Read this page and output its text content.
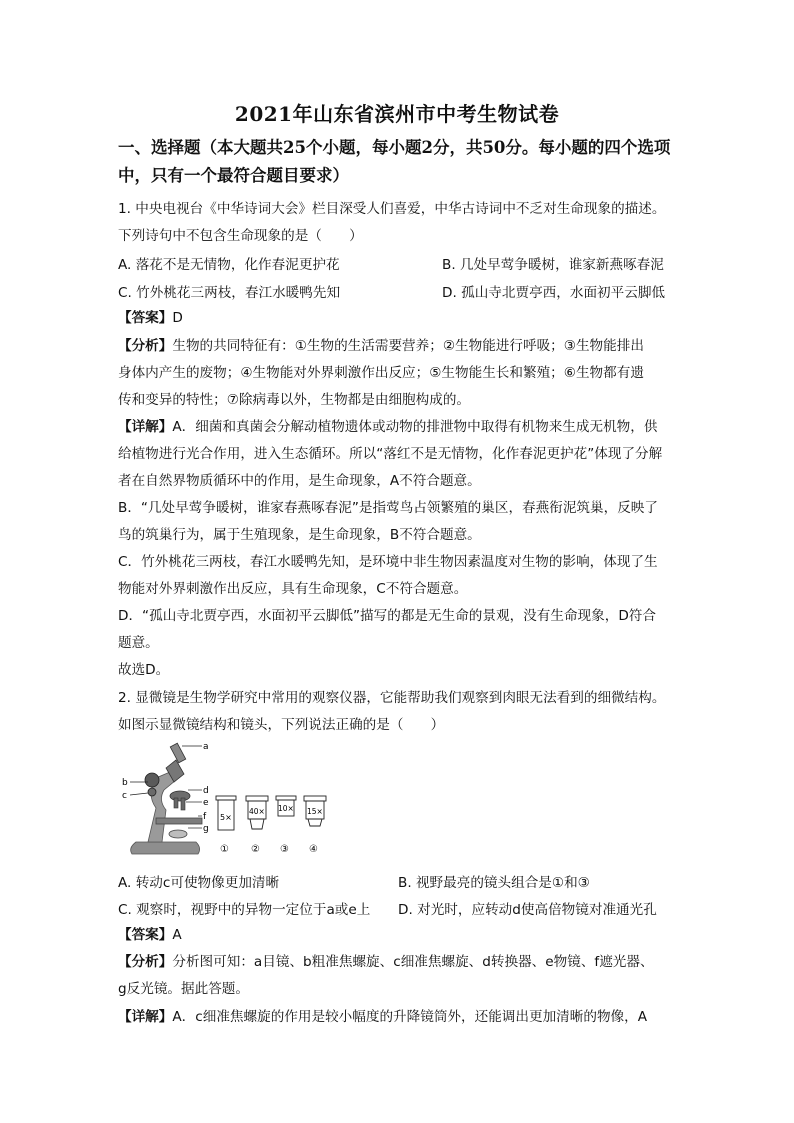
2021年山东省滨州市中考生物试卷
一、选择题（本大题共25个小题，每小题2分，共50分。每小题的四个选项
中，只有一个最符合题目要求）
1. 中央电视台《中华诗词大会》栏目深受人们喜爱，中华古诗词中不乏对生命现象的描述。
下列诗句中不包含生命现象的是（　　）
A. 落花不是无情物，化作春泥更护花	B. 几处早莺争暖树，谁家新燕啄春泥
C. 竹外桃花三两枝，春江水暖鸭先知	D. 孤山寺北贾亭西，水面初平云脚低
【答案】D
【分析】生物的共同特征有：①生物的生活需要营养；②生物能进行呼吸；③生物能排出
身体内产生的废物；④生物能对外界刺激作出反应；⑤生物能生长和繁殖；⑥生物都有遗
传和变异的特性；⑦除病毒以外，生物都是由细胞构成的。
【详解】A．细菌和真菌会分解动植物遗体或动物的排泄物中取得有机物来生成无机物，供
给植物进行光合作用，进入生态循环。所以“落红不是无情物，化作春泥更护花”体现了分解
者在自然界物质循环中的作用，是生命现象，A不符合题意。
B．“几处早莺争暖树，谁家春燕啄春泥”是指莺鸟占领繁殖的巢区，春燕衔泥筑巢，反映了
鸟的筑巢行为，属于生殖现象，是生命现象，B不符合题意。
C．竹外桃花三两枝，春江水暖鸭先知，是环境中非生物因素温度对生物的影响，体现了生
物能对外界刺激作出反应，具有生命现象，C不符合题意。
D．“孤山寺北贾亭西，水面初平云脚低”描写的都是无生命的景观，没有生命现象，D符合
题意。
故选D。
2. 显微镜是生物学研究中常用的观察仪器，它能帮助我们观察到肉眼无法看到的细微结构。
如图示显微镜结构和镜头，下列说法正确的是（　　）
a
b
c	d
e
f
g
5×
①
40×
②
10×
③
15×
④
A. 转动c可使物像更加清晰	B. 视野最亮的镜头组合是①和③
C. 观察时，视野中的异物一定位于a或e上 D. 对光时，应转动d使高倍物镜对准通光孔
【答案】A
【分析】分析图可知：a目镜、b粗准焦螺旋、c细准焦螺旋、d转换器、e物镜、f遮光器、
g反光镜。据此答题。
【详解】A．c细准焦螺旋的作用是较小幅度的升降镜筒外，还能调出更加清晰的物像，A
